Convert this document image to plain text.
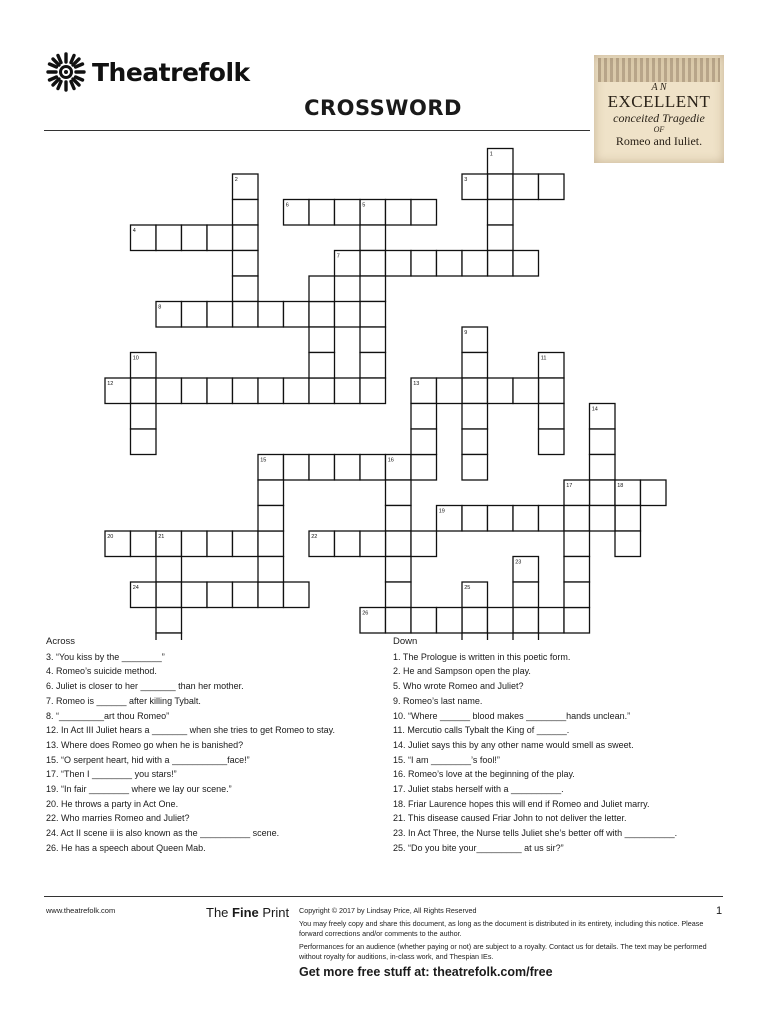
Theatrefolk
CROSSWORD
A N
EXCELLENT
conceited Tragedie
OF
Romeo and Iuliet.
1
2	3
4
5
6
7
8
9
10	11
12	13
14
15	16
17	18
19
20	21	22
23
24	25
26
Across
3. “You kiss by the ________”
4. Romeo’s suicide method.
6. Juliet is closer to her _______ than her mother.
7. Romeo is ______ after killing Tybalt.
8. “_________art thou Romeo”
12. In Act III Juliet hears a _______ when she tries to get Romeo to stay.
13. Where does Romeo go when he is banished?
15. “O serpent heart, hid with a ___________face!”
17. “Then I ________ you stars!”
19. “In fair ________ where we lay our scene.”
20. He throws a party in Act One.
22. Who marries Romeo and Juliet?
24. Act II scene ii is also known as the __________ scene.
26. He has a speech about Queen Mab.
Down
1. The Prologue is written in this poetic form.
2. He and Sampson open the play.
5. Who wrote Romeo and Juliet?
9. Romeo’s last name.
10. “Where ______ blood makes ________hands unclean.”
11. Mercutio calls Tybalt the King of ______.
14. Juliet says this by any other name would smell as sweet.
15. “I am ________’s fool!”
16. Romeo’s love at the beginning of the play.
17. Juliet stabs herself with a __________.
18. Friar Laurence hopes this will end if Romeo and Juliet marry.
21. This disease caused Friar John to not deliver the letter.
23. In Act Three, the Nurse tells Juliet she’s better off with __________.
25. “Do you bite your_________ at us sir?”
www.theatrefolk.com	The Fine Print Copyright © 2017 by Lindsay Price, All Rights Reserved

You may freely copy and share this document, as long as the document is distributed in its entirety, including this notice. Please forward corrections and/or comments to the author.

Performances for an audience (whether paying or not) are subject to a royalty. Contact us for details. The text may be performed without royalty for auditions, in-class work, and Thespian IEs.

Get more free stuff at: theatrefolk.com/free
1
